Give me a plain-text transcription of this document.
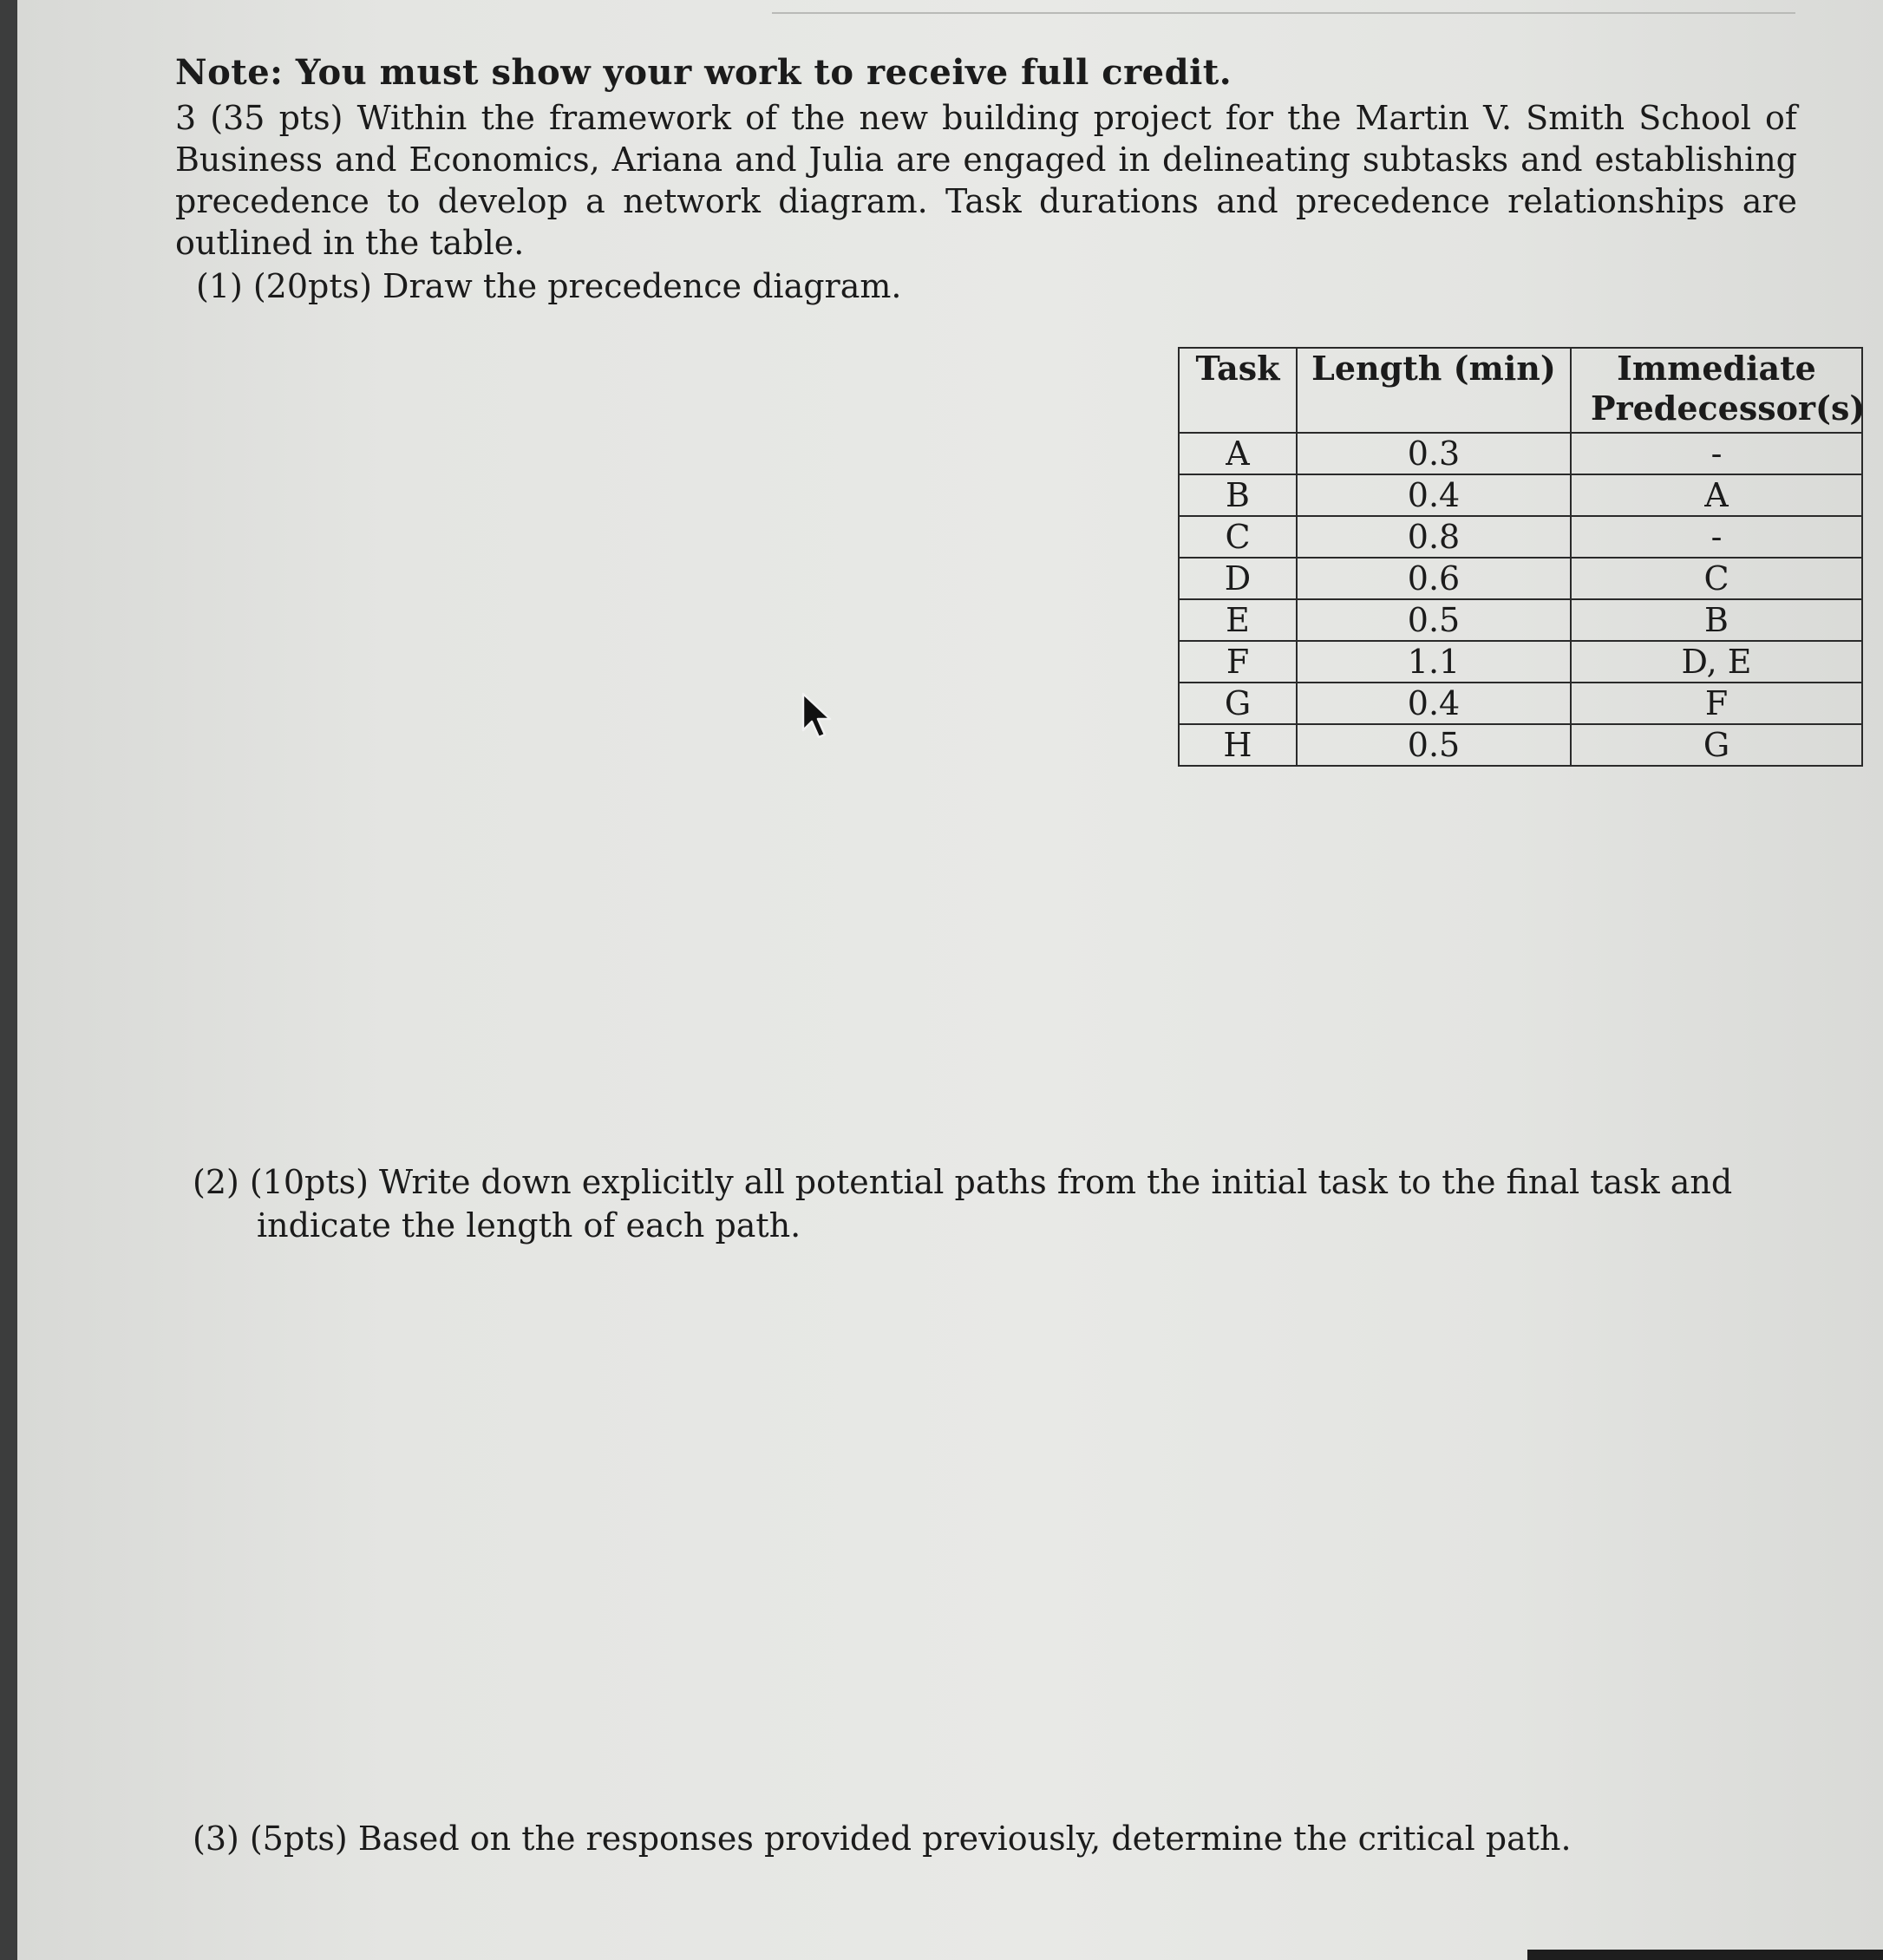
Note: You must show your work to receive full credit.
3 (35 pts) Within the framework of the new building project for the Martin V. Smith School of Business and Economics, Ariana and Julia are engaged in delineating subtasks and establishing precedence to develop a network diagram. Task durations and precedence relationships are outlined in the table.
(1) (20pts) Draw the precedence diagram.
Task	Length (min)	Immediate Predecessor(s)
A	0.3	-
B	0.4	A
C	0.8	-
D	0.6	C
E	0.5	B
F	1.1	D, E
G	0.4	F
H	0.5	G
(2) (10pts) Write down explicitly all potential paths from the initial task to the final task and indicate the length of each path.
(3) (5pts) Based on the responses provided previously, determine the critical path.
